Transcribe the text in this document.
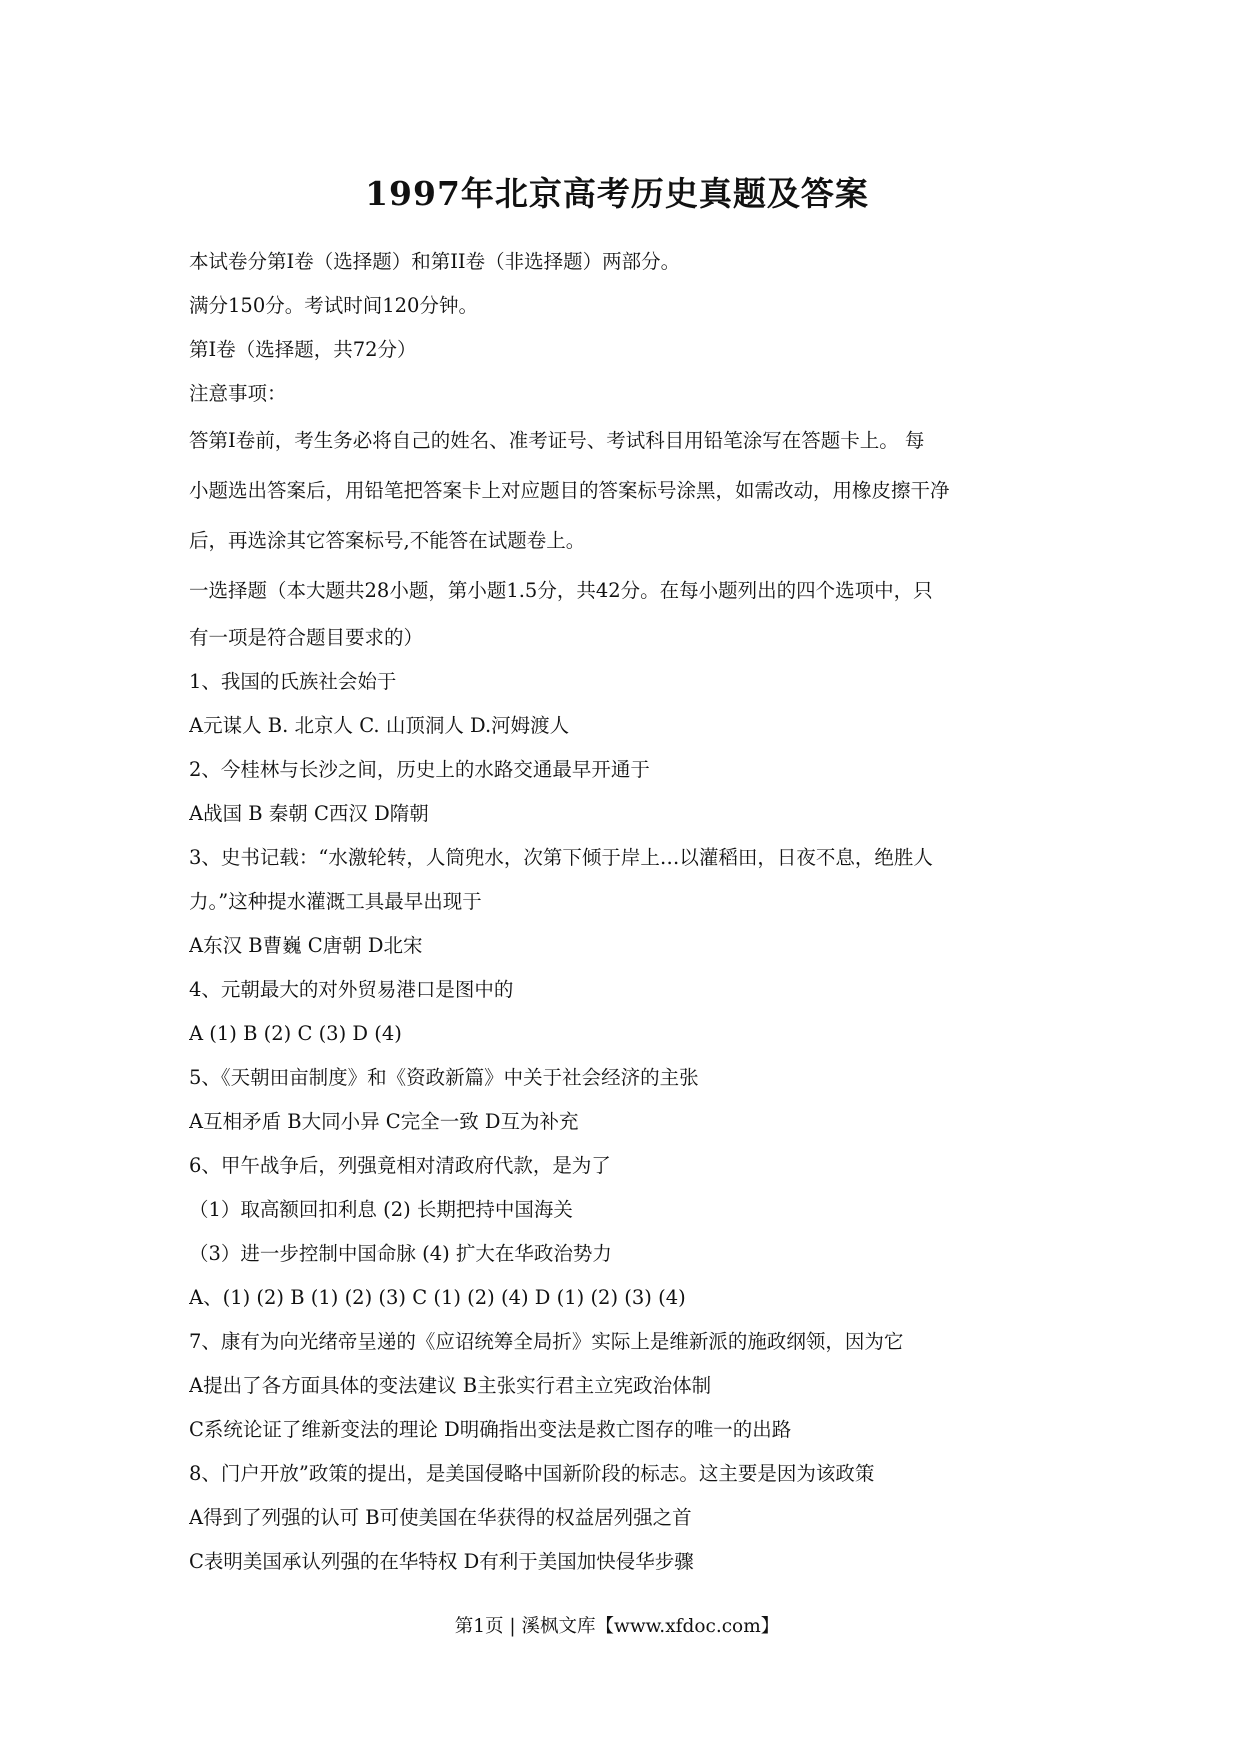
1997年北京高考历史真题及答案
本试卷分第Ⅰ卷（选择题）和第II卷（非选择题）两部分。
满分150分。考试时间120分钟。
第Ⅰ卷（选择题，共72分）
注意事项：
答第Ⅰ卷前，考生务必将自己的姓名、准考证号、考试科目用铅笔涂写在答题卡上。 每
小题选出答案后，用铅笔把答案卡上对应题目的答案标号涂黑，如需改动，用橡皮擦干净
后，再选涂其它答案标号,不能答在试题卷上。
一选择题（本大题共28小题，第小题1.5分，共42分。在每小题列出的四个选项中，只
有一项是符合题目要求的）
1、我国的氏族社会始于
A元谋人 B. 北京人 C. 山顶洞人 D.河姆渡人
2、今桂林与长沙之间，历史上的水路交通最早开通于
A战国 B 秦朝 C西汉 D隋朝
3、史书记载：“水激轮转，人筒兜水，次第下倾于岸上…以灌稻田，日夜不息，绝胜人
力。”这种提水灌溉工具最早出现于
A东汉 B曹巍 C唐朝 D北宋
4、元朝最大的对外贸易港口是图中的
A (1) B (2) C (3) D (4)
5、《天朝田亩制度》和《资政新篇》中关于社会经济的主张
A互相矛盾 B大同小异 C完全一致 D互为补充
6、甲午战争后，列强竟相对清政府代款，是为了
（1）取高额回扣利息 (2) 长期把持中国海关
（3）进一步控制中国命脉 (4) 扩大在华政治势力
A、(1) (2) B (1) (2) (3) C (1) (2) (4) D (1) (2) (3) (4)
7、康有为向光绪帝呈递的《应诏统筹全局折》实际上是维新派的施政纲领，因为它
A提出了各方面具体的变法建议 B主张实行君主立宪政治体制
C系统论证了维新变法的理论 D明确指出变法是救亡图存的唯一的出路
8、门户开放”政策的提出，是美国侵略中国新阶段的标志。这主要是因为该政策
A得到了列强的认可 B可使美国在华获得的权益居列强之首
C表明美国承认列强的在华特权 D有利于美国加快侵华步骤
第1页 | 溪枫文库【www.xfdoc.com】
